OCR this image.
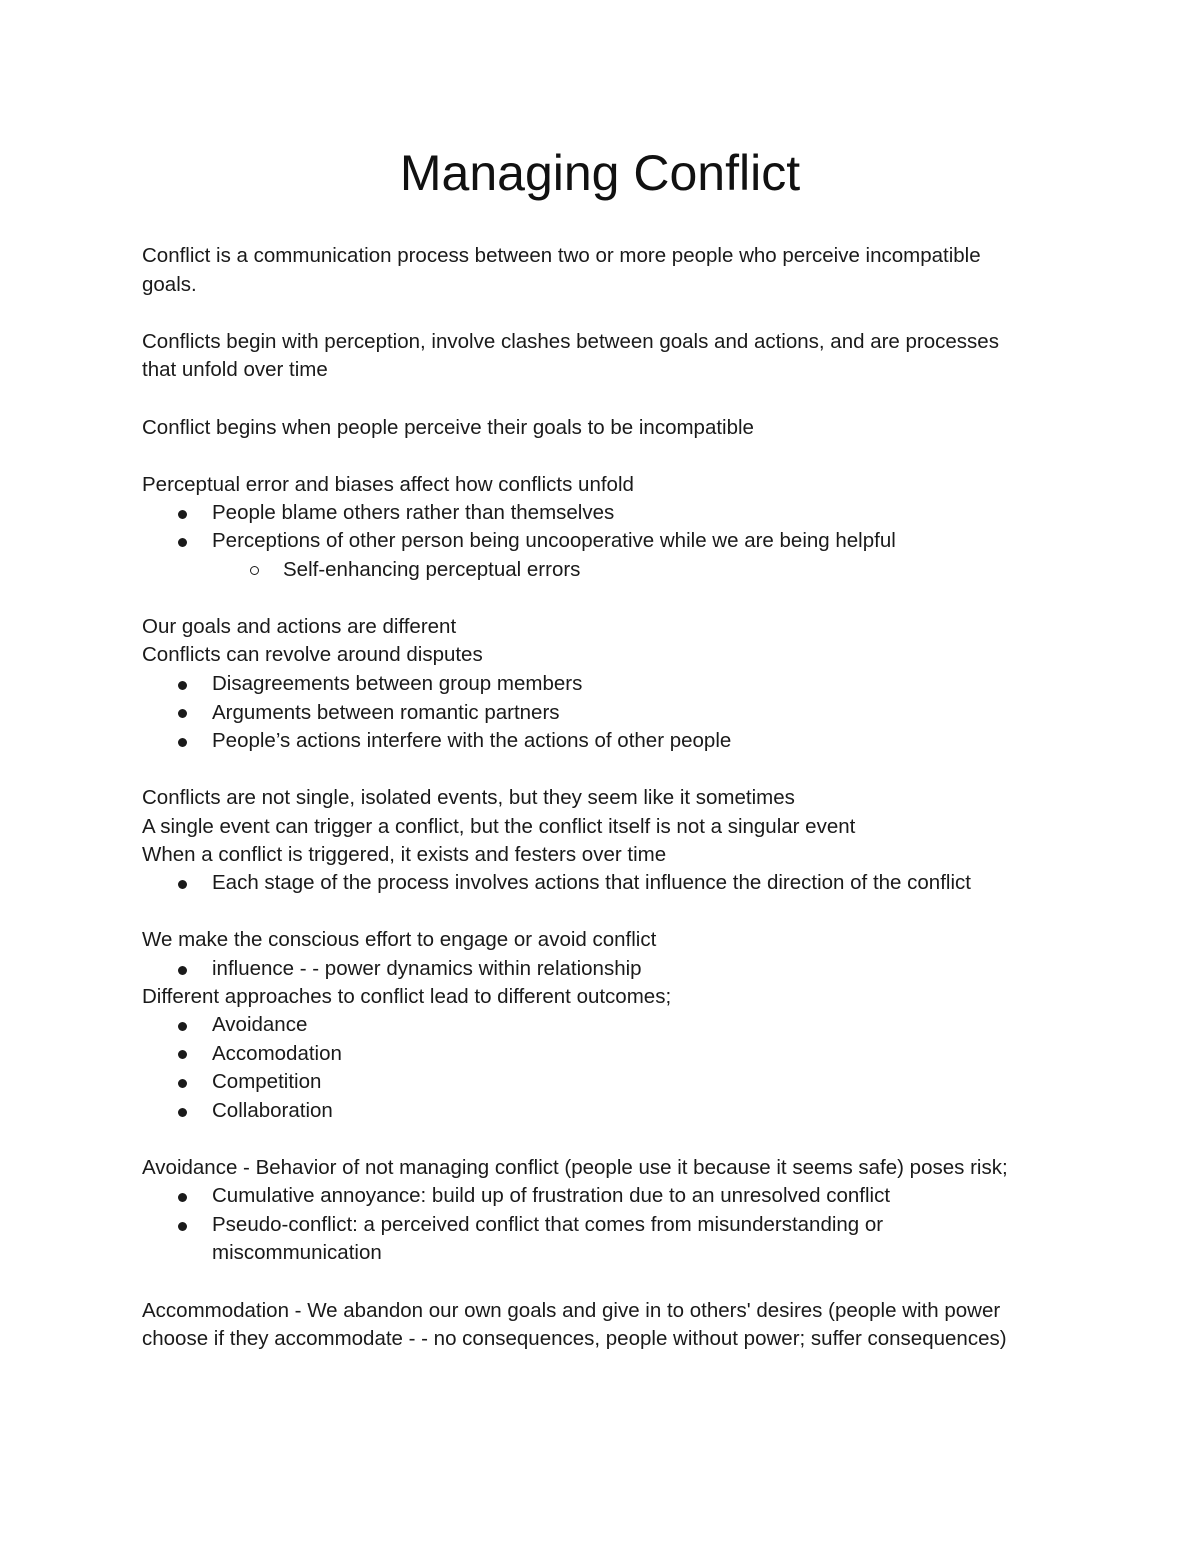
Managing Conflict

Conflict is a communication process between two or more people who perceive incompatible

goals.

Conflicts begin with perception, involve clashes between goals and actions, and are processes

that unfold over time

Conflict begins when people perceive their goals to be incompatible

Perceptual error and biases affect how conflicts unfold

People blame others rather than themselves

Perceptions of other person being uncooperative while we are being helpful

Self-enhancing perceptual errors

Our goals and actions are different

Conflicts can revolve around disputes

Disagreements between group members

Arguments between romantic partners

People’s actions interfere with the actions of other people

Conflicts are not single, isolated events, but they seem like it sometimes

A single event can trigger a conflict, but the conflict itself is not a singular event

When a conflict is triggered, it exists and festers over time

Each stage of the process involves actions that influence the direction of the conflict

We make the conscious effort to engage or avoid conflict

influence - - power dynamics within relationship

Different approaches to conflict lead to different outcomes;

Avoidance

Accomodation

Competition

Collaboration

Avoidance - Behavior of not managing conflict (people use it because it seems safe) poses risk;

Cumulative annoyance: build up of frustration due to an unresolved conflict

Pseudo-conflict: a perceived conflict that comes from misunderstanding or

miscommunication

Accommodation - We abandon our own goals and give in to others' desires (people with power

choose if they accommodate - - no consequences, people without power; suffer consequences)
